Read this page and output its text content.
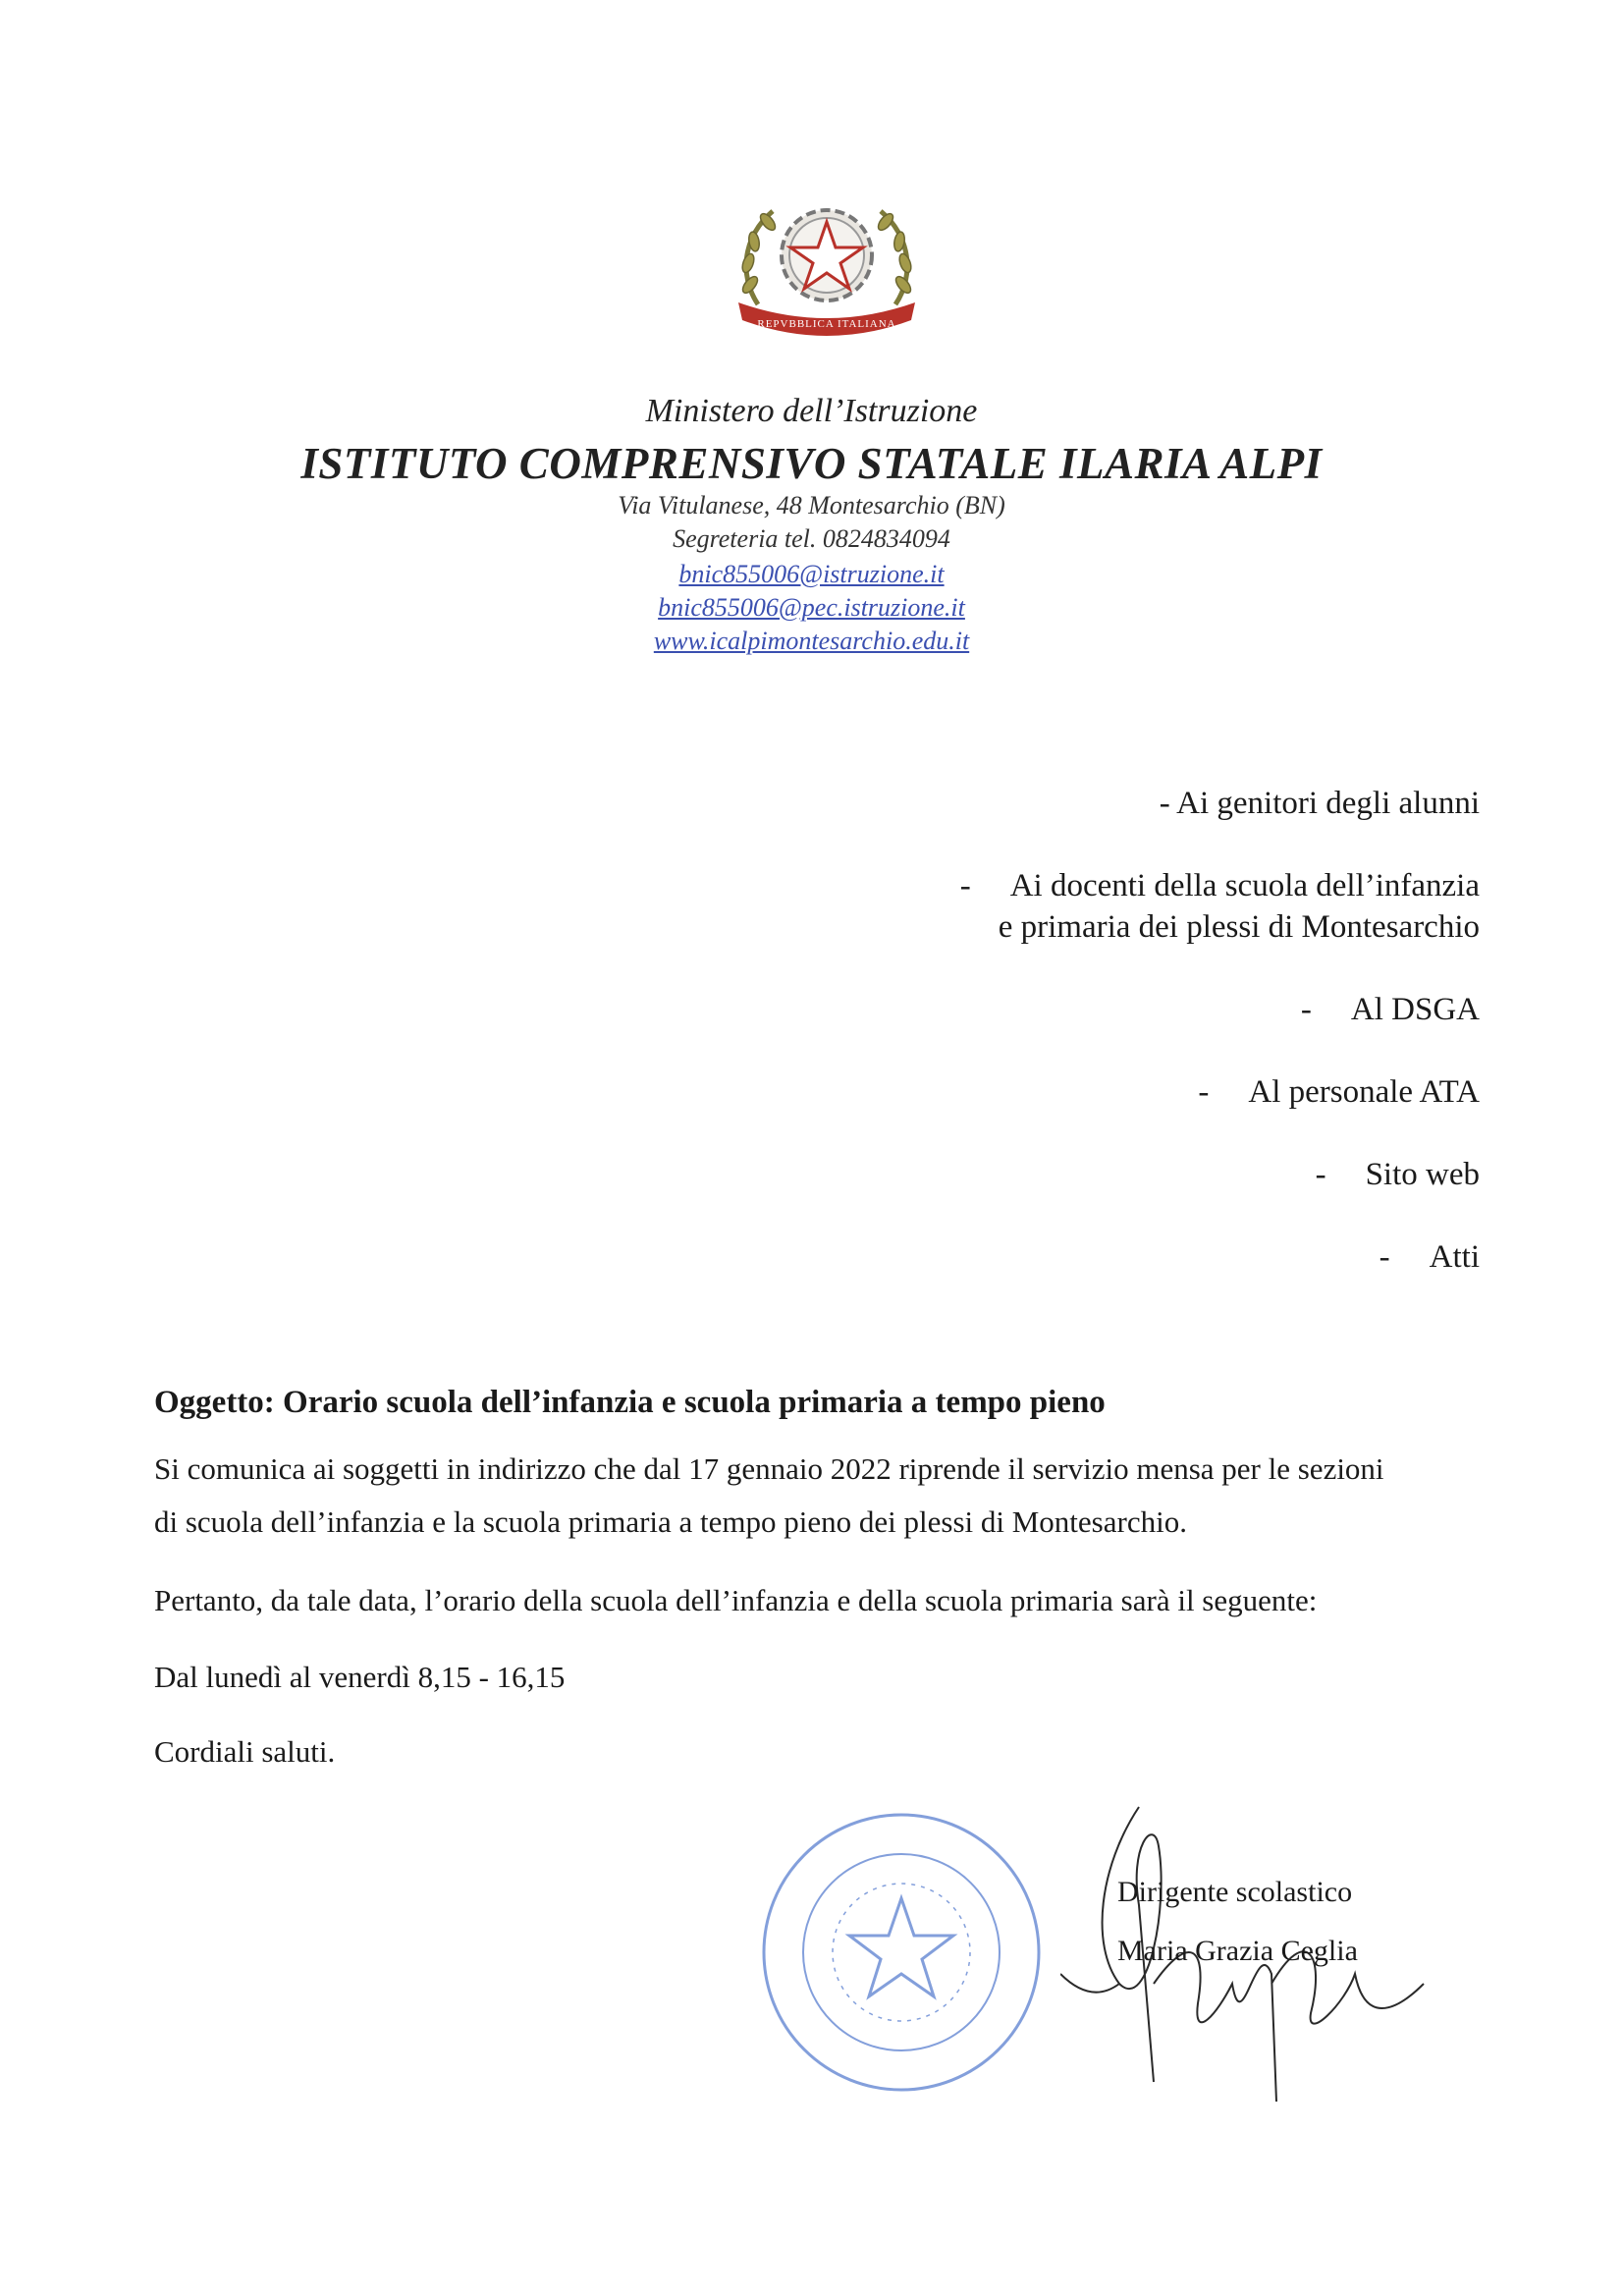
REPVBBLICA ITALIANA
Ministero dell’Istruzione
ISTITUTO COMPRENSIVO STATALE ILARIA ALPI
Via Vitulanese, 48 Montesarchio (BN)
Segreteria tel. 0824834094
bnic855006@istruzione.it
bnic855006@pec.istruzione.it
www.icalpimontesarchio.edu.it
- Ai genitori degli alunni
- Ai docenti della scuola dell’infanzia
e primaria dei plessi di Montesarchio
- Al DSGA
- Al personale ATA
- Sito web
- Atti
Oggetto: Orario scuola dell’infanzia e scuola primaria a tempo pieno
Si comunica ai soggetti in indirizzo che dal 17 gennaio 2022 riprende il servizio mensa per le sezioni
di scuola dell’infanzia e la scuola primaria a tempo pieno dei plessi di Montesarchio.
Pertanto, da tale data, l’orario della scuola dell’infanzia e della scuola primaria sarà il seguente:
Dal lunedì al venerdì 8,15 - 16,15
Cordiali saluti.
Dirigente scolastico
Maria Grazia Ceglia
